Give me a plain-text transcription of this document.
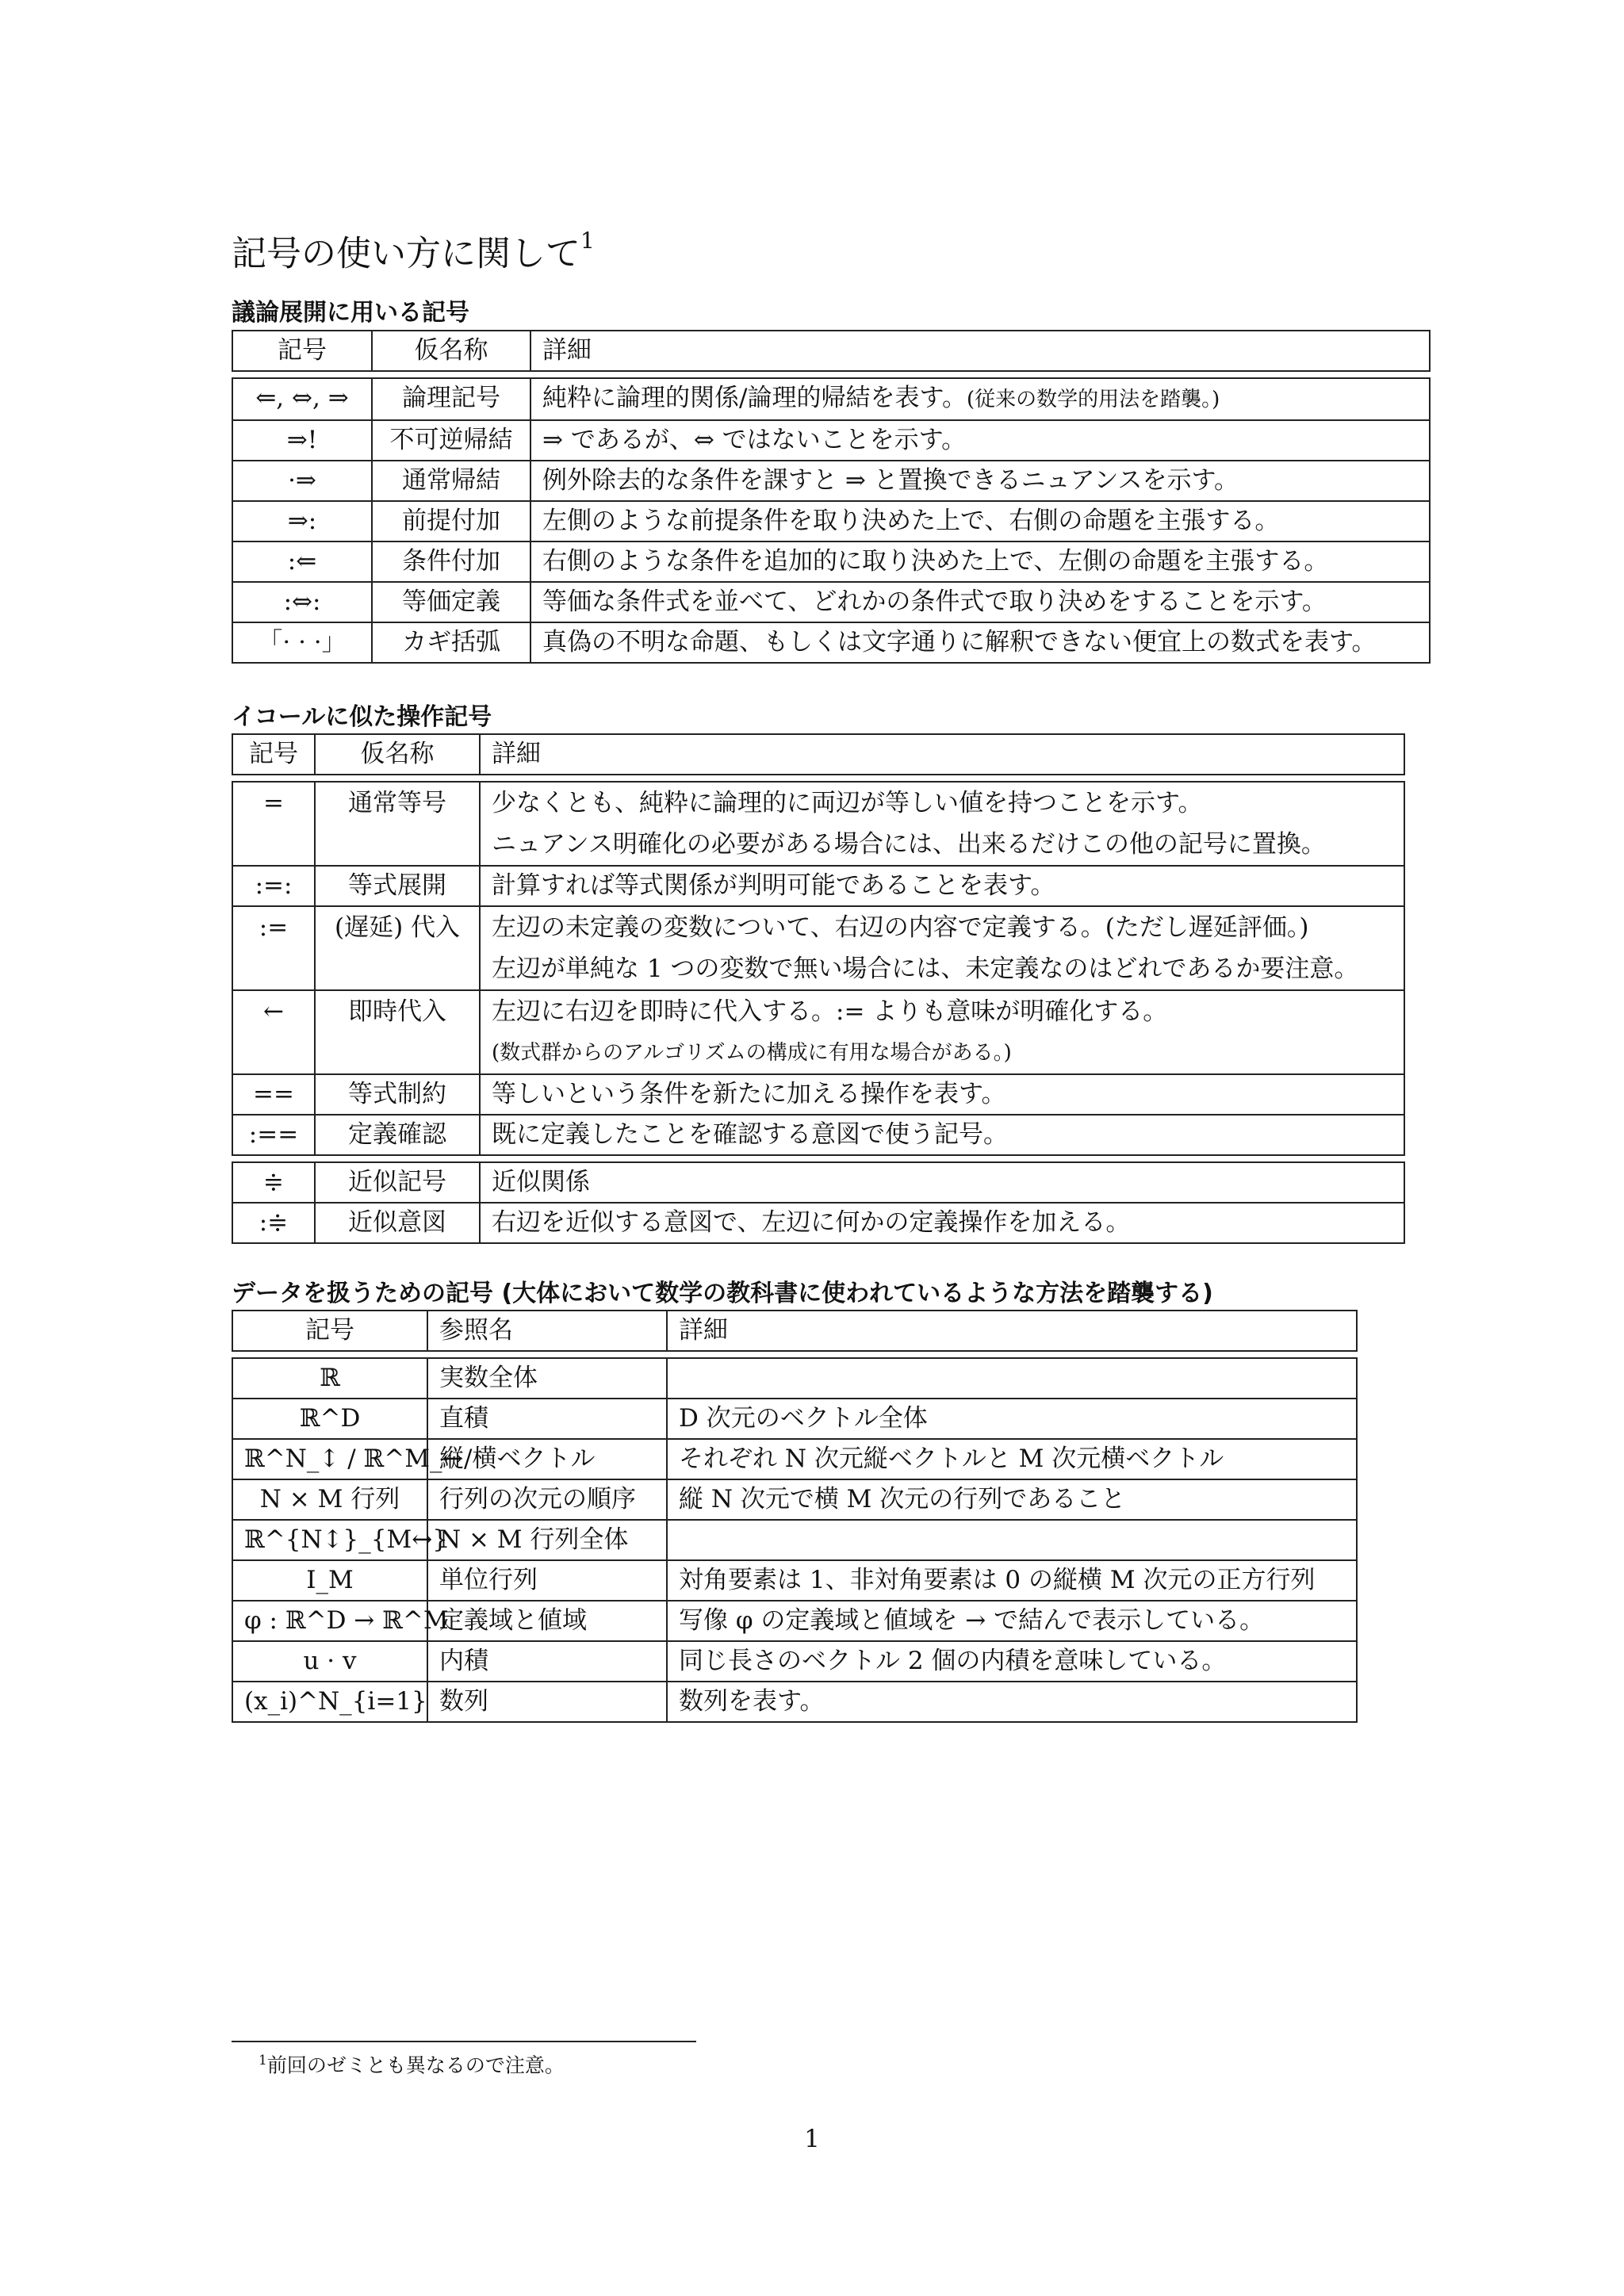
記号の使い方に関して$^1$
議論展開に用いる記号
記号	仮名称	詳細

⇐, ⇔, ⇒	論理記号	純粋に論理的関係/論理的帰結を表す。(従来の数学的用法を踏襲。)
⇒!	不可逆帰結	⇒ であるが、⇔ ではないことを示す。
·⇒	通常帰結	例外除去的な条件を課すと ⇒ と置換できるニュアンスを示す。
⇒:	前提付加	左側のような前提条件を取り決めた上で、右側の命題を主張する。
:⇐	条件付加	右側のような条件を追加的に取り決めた上で、左側の命題を主張する。
:⇔:	等価定義	等価な条件式を並べて、どれかの条件式で取り決めをすることを示す。
「· · ·」	カギ括弧	真偽の不明な命題、もしくは文字通りに解釈できない便宜上の数式を表す。
イコールに似た操作記号
記号	仮名称	詳細

=	通常等号	少なくとも、純粋に論理的に両辺が等しい値を持つことを示す。
ニュアンス明確化の必要がある場合には、出来るだけこの他の記号に置換。

:=:	等式展開	計算すれば等式関係が判明可能であることを表す。
:=	(遅延) 代入	左辺の未定義の変数について、右辺の内容で定義する。(ただし遅延評価。)
左辺が単純な 1 つの変数で無い場合には、未定義なのはどれであるか要注意。

←	即時代入	左辺に右辺を即時に代入する。:= よりも意味が明確化する。
(数式群からのアルゴリズムの構成に有用な場合がある。)

==	等式制約	等しいという条件を新たに加える操作を表す。
:==	定義確認	既に定義したことを確認する意図で使う記号。

≑	近似記号	近似関係
:≑	近似意図	右辺を近似する意図で、左辺に何かの定義操作を加える。
データを扱うための記号 (大体において数学の教科書に使われているような方法を踏襲する)
記号	参照名	詳細

ℝ	実数全体	
ℝ^D	直積	D 次元のベクトル全体
ℝ^N_↕ / ℝ^M_↔	縦/横ベクトル	それぞれ N 次元縦ベクトルと M 次元横ベクトル
N × M 行列	行列の次元の順序	縦 N 次元で横 M 次元の行列であること
ℝ^{N↕}_{M↔}	N × M 行列全体	
I_M	単位行列	対角要素は 1、非対角要素は 0 の縦横 M 次元の正方行列
φ : ℝ^D → ℝ^M	定義域と値域	写像 φ の定義域と値域を → で結んで表示している。
u · v	内積	同じ長さのベクトル 2 個の内積を意味している。
(x_i)^N_{i=1}	数列	数列を表す。
$^1$前回のゼミとも異なるので注意。
1
